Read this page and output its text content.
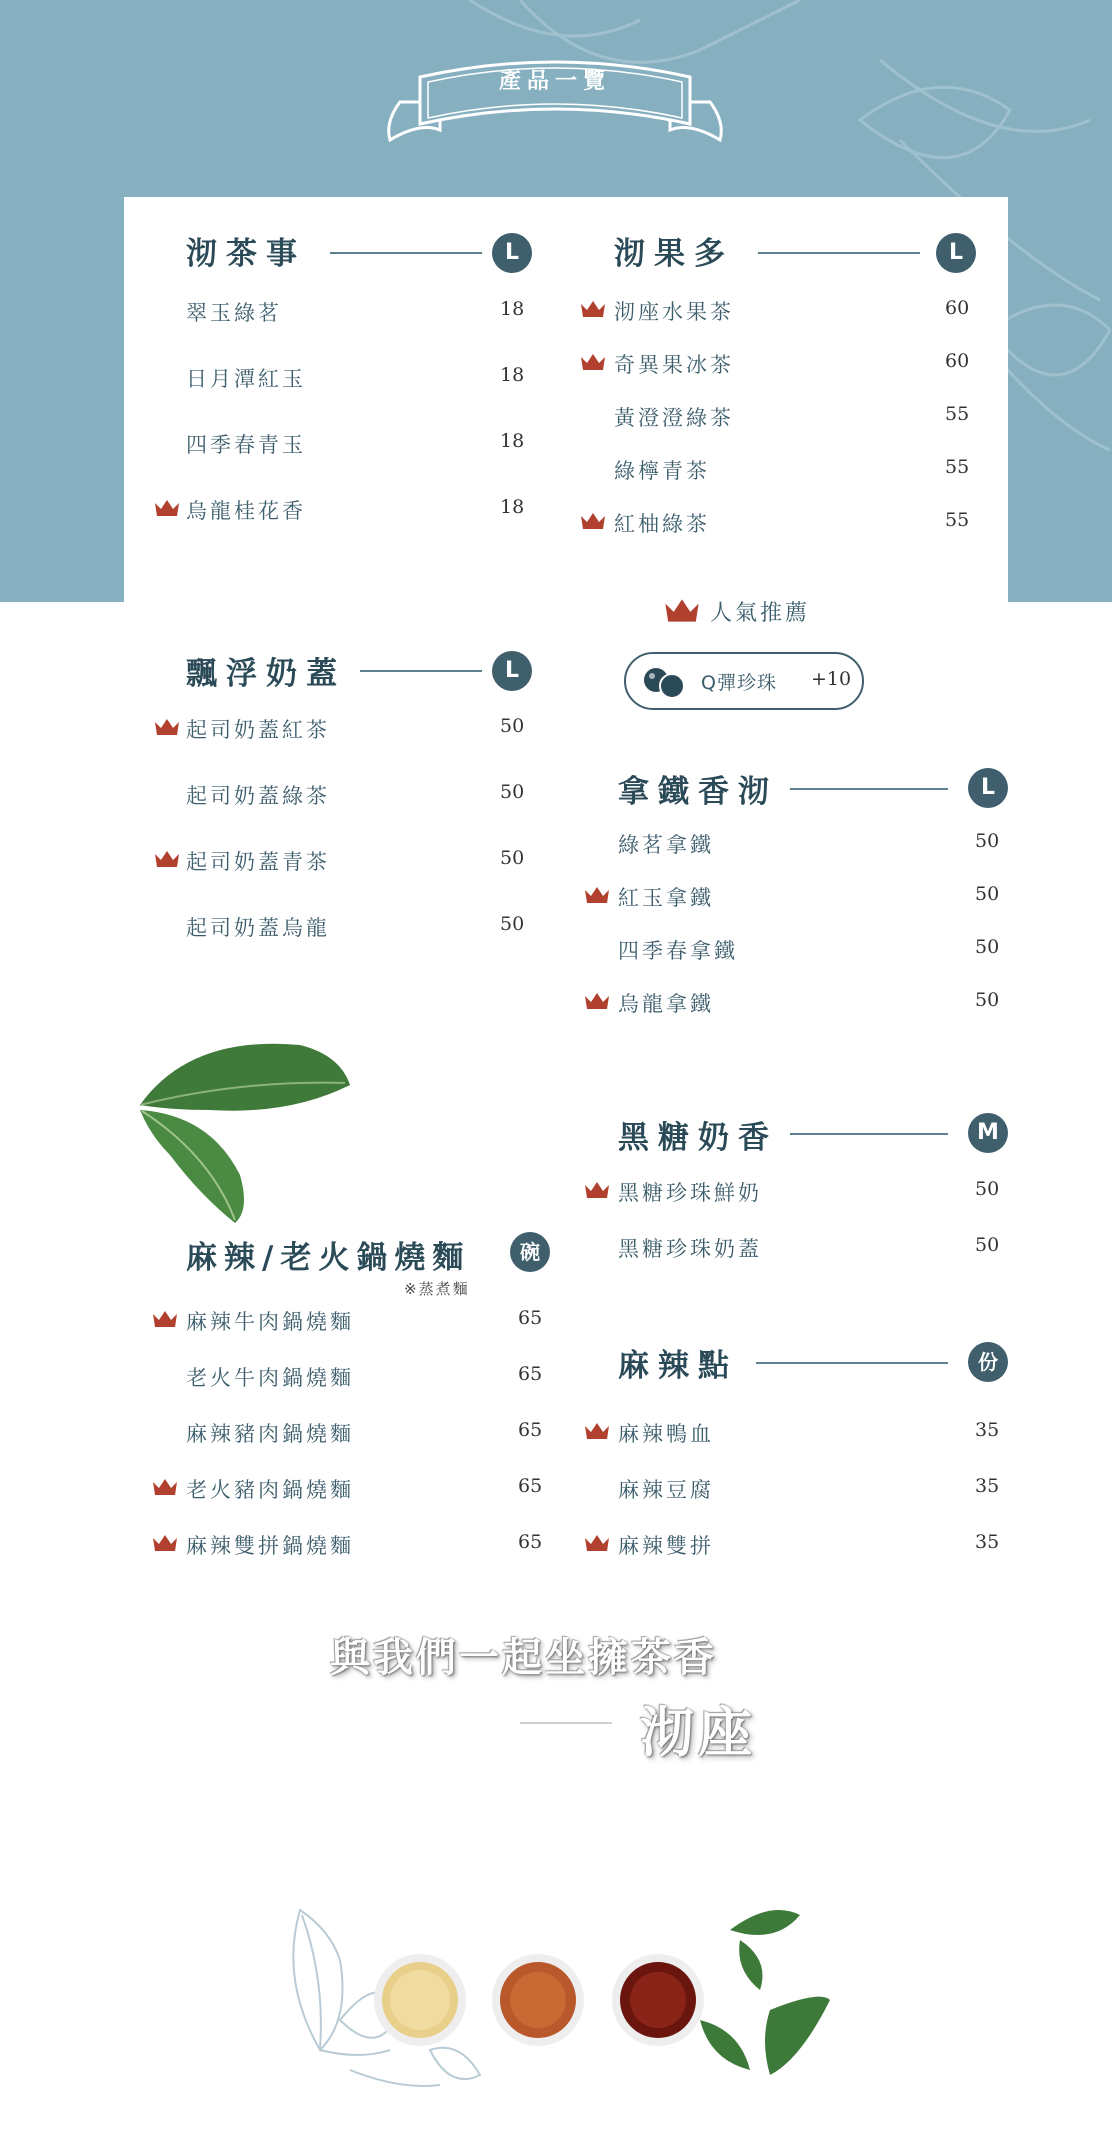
產品一覽
沏茶事	L
翠玉綠茗	18
日月潭紅玉	18
四季春青玉	18
烏龍桂花香	18
沏果多	L
沏座水果茶	60
奇異果冰茶	60
黃澄澄綠茶	55
綠檸青茶	55
紅柚綠茶	55
人氣推薦
Q彈珍珠 +10
飄浮奶蓋	L
起司奶蓋紅茶	50
起司奶蓋綠茶	50
起司奶蓋青茶	50
起司奶蓋烏龍	50
拿鐵香沏	L
綠茗拿鐵	50
紅玉拿鐵	50
四季春拿鐵	50
烏龍拿鐵	50
黑糖奶香	M
黑糖珍珠鮮奶	50
黑糖珍珠奶蓋	50
麻辣/老火鍋燒麵	碗
※蒸煮麵
麻辣牛肉鍋燒麵	65
老火牛肉鍋燒麵	65
麻辣豬肉鍋燒麵	65
老火豬肉鍋燒麵	65
麻辣雙拼鍋燒麵	65
麻辣點	份
麻辣鴨血	35
麻辣豆腐	35
麻辣雙拼	35
與我們一起坐擁茶香
沏座
